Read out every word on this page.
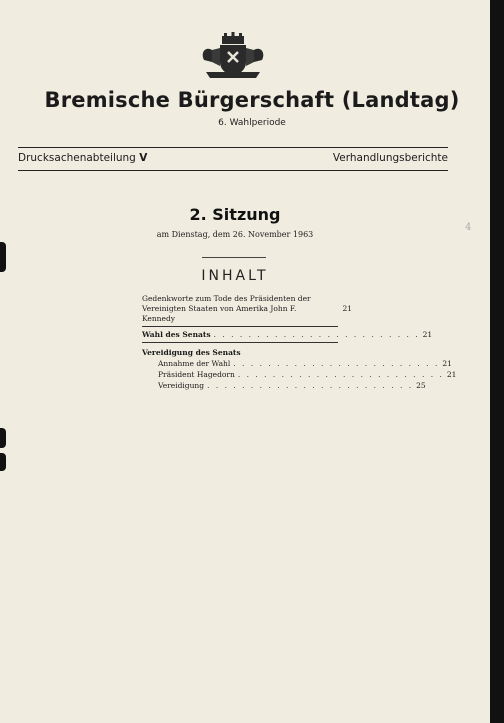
Bremische Bürgerschaft (Landtag)
6. Wahlperiode
Drucksachenabteilung V	Verhandlungsberichte
2. Sitzung
am Dienstag, dem 26. November 1963
4
INHALT
Gedenkworte zum Tode des Präsidenten der Vereinigten Staaten von Amerika John F. Kennedy
21
Wahl des Senats . . . . . . . . . . . . . . . . . . . . . . . . 21
Vereidigung des Senats
Annahme der Wahl . . . . . . . . . . . . . . . . . . . . . . . . 21
Präsident Hagedorn . . . . . . . . . . . . . . . . . . . . . . . . 21
Vereidigung . . . . . . . . . . . . . . . . . . . . . . . . 25
